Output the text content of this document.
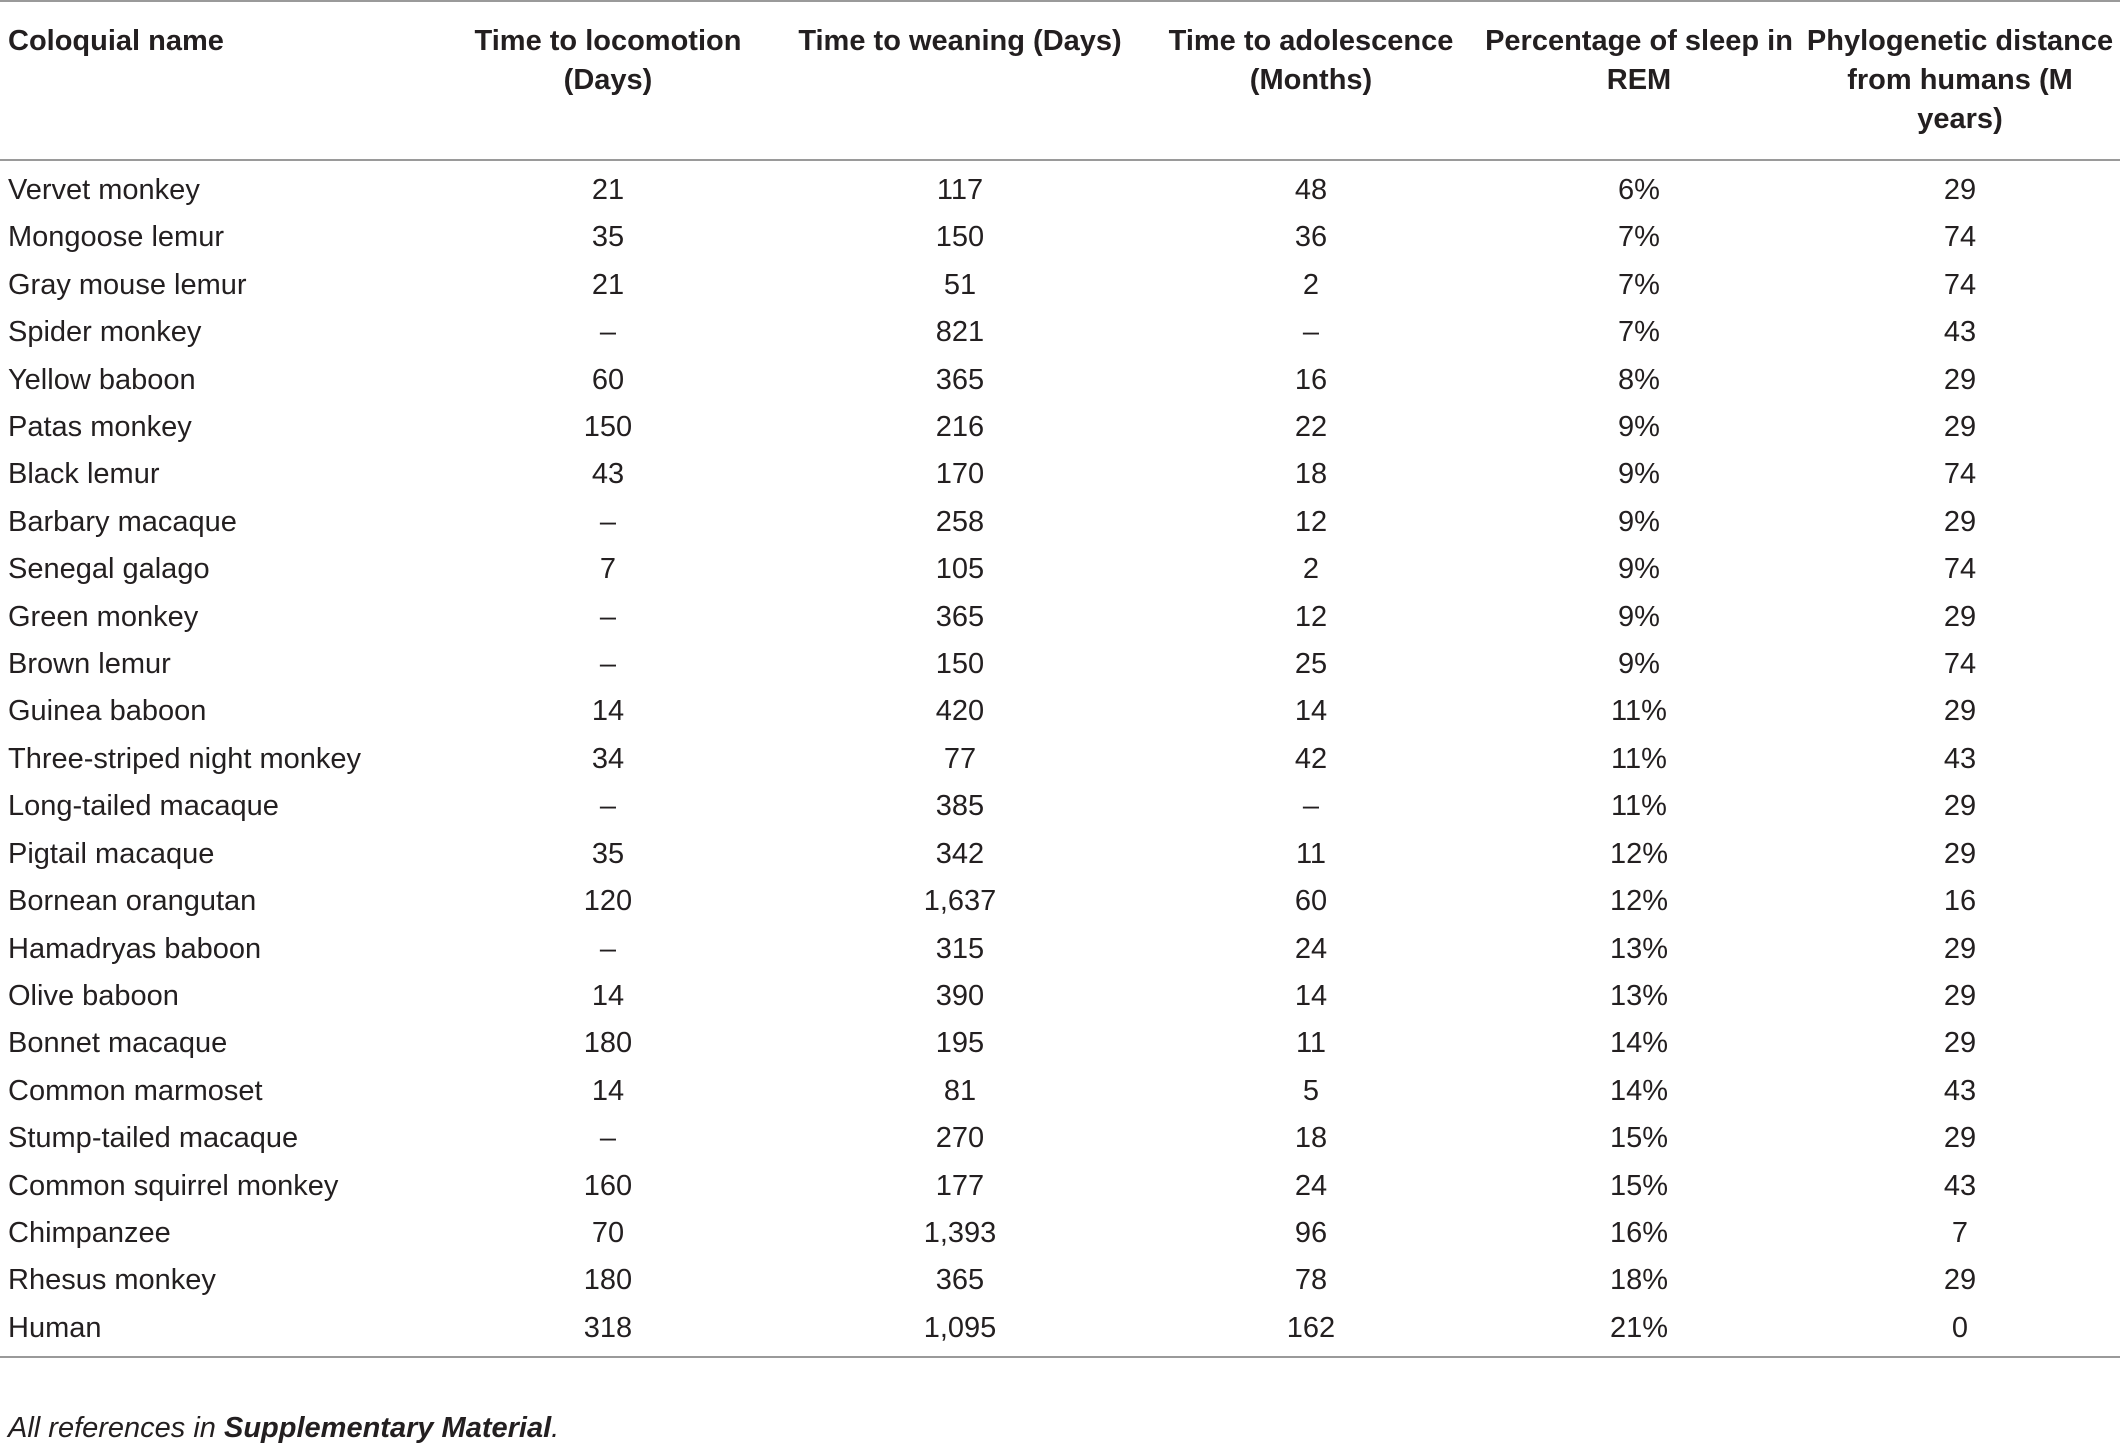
Coloquial name	Time to locomotion (Days)	Time to weaning (Days)	Time to adolescence (Months)	Percentage of sleep in REM	Phylogenetic distance from humans (M years)
Vervet monkey	21	117	48	6%	29
Mongoose lemur	35	150	36	7%	74
Gray mouse lemur	21	51	2	7%	74
Spider monkey	–	821	–	7%	43
Yellow baboon	60	365	16	8%	29
Patas monkey	150	216	22	9%	29
Black lemur	43	170	18	9%	74
Barbary macaque	–	258	12	9%	29
Senegal galago	7	105	2	9%	74
Green monkey	–	365	12	9%	29
Brown lemur	–	150	25	9%	74
Guinea baboon	14	420	14	11%	29
Three-striped night monkey	34	77	42	11%	43
Long-tailed macaque	–	385	–	11%	29
Pigtail macaque	35	342	11	12%	29
Bornean orangutan	120	1,637	60	12%	16
Hamadryas baboon	–	315	24	13%	29
Olive baboon	14	390	14	13%	29
Bonnet macaque	180	195	11	14%	29
Common marmoset	14	81	5	14%	43
Stump-tailed macaque	–	270	18	15%	29
Common squirrel monkey	160	177	24	15%	43
Chimpanzee	70	1,393	96	16%	7
Rhesus monkey	180	365	78	18%	29
Human	318	1,095	162	21%	0
All references in Supplementary Material.
